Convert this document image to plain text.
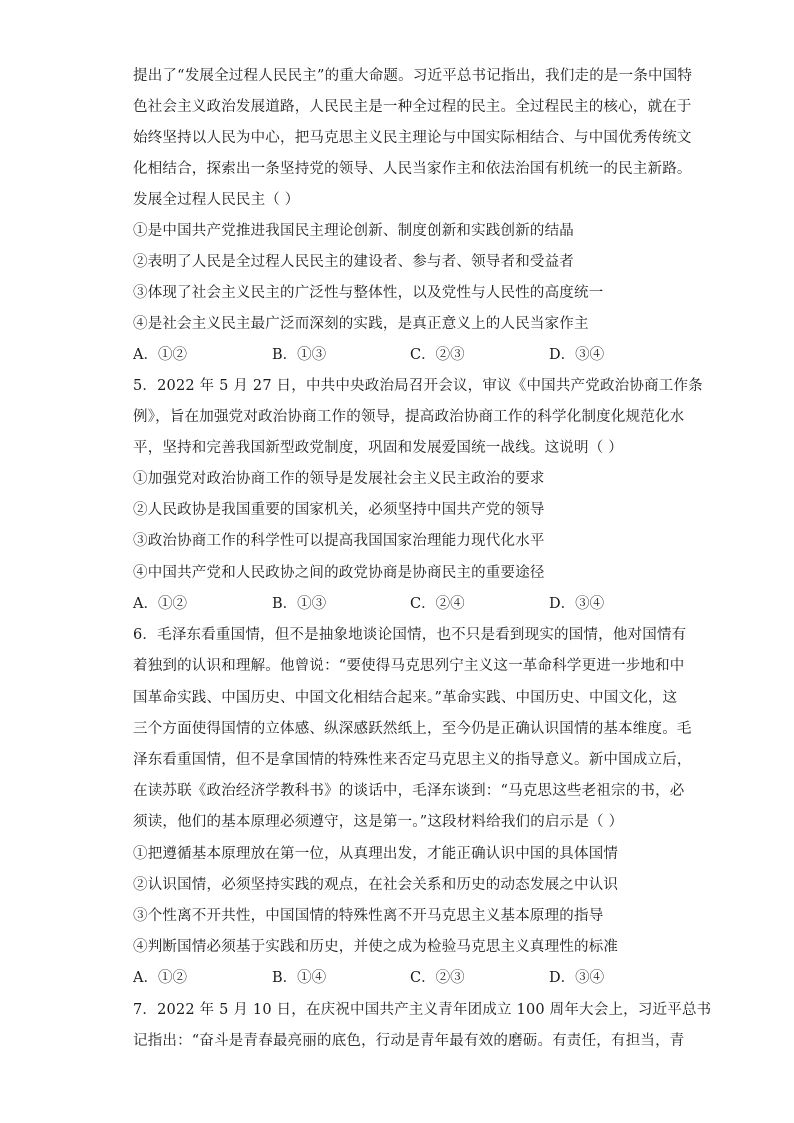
提出了“发展全过程人民民主”的重大命题。习近平总书记指出，我们走的是一条中国特
色社会主义政治发展道路，人民民主是一种全过程的民主。全过程民主的核心，就在于
始终坚持以人民为中心，把马克思主义民主理论与中国实际相结合、与中国优秀传统文
化相结合，探索出一条坚持党的领导、人民当家作主和依法治国有机统一的民主新路。
发展全过程人民民主（ ）
①是中国共产党推进我国民主理论创新、制度创新和实践创新的结晶
②表明了人民是全过程人民民主的建设者、参与者、领导者和受益者
③体现了社会主义民主的广泛性与整体性，以及党性与人民性的高度统一
④是社会主义民主最广泛而深刻的实践，是真正意义上的人民当家作主
A．①②	B．①③	C．②③	D．③④
5．2022 年 5 月 27 日，中共中央政治局召开会议，审议《中国共产党政治协商工作条
例》，旨在加强党对政治协商工作的领导，提高政治协商工作的科学化制度化规范化水
平，坚持和完善我国新型政党制度，巩固和发展爱国统一战线。这说明（ ）
①加强党对政治协商工作的领导是发展社会主义民主政治的要求
②人民政协是我国重要的国家机关，必须坚持中国共产党的领导
③政治协商工作的科学性可以提高我国国家治理能力现代化水平
④中国共产党和人民政协之间的政党协商是协商民主的重要途径
A．①②	B．①③	C．②④	D．③④
6．毛泽东看重国情，但不是抽象地谈论国情，也不只是看到现实的国情，他对国情有
着独到的认识和理解。他曾说：“要使得马克思列宁主义这一革命科学更进一步地和中
国革命实践、中国历史、中国文化相结合起来。”革命实践、中国历史、中国文化，这
三个方面使得国情的立体感、纵深感跃然纸上，至今仍是正确认识国情的基本维度。毛
泽东看重国情，但不是拿国情的特殊性来否定马克思主义的指导意义。新中国成立后，
在读苏联《政治经济学教科书》的谈话中，毛泽东谈到：“马克思这些老祖宗的书，必
须读，他们的基本原理必须遵守，这是第一。”这段材料给我们的启示是（ ）
①把遵循基本原理放在第一位，从真理出发，才能正确认识中国的具体国情
②认识国情，必须坚持实践的观点，在社会关系和历史的动态发展之中认识
③个性离不开共性，中国国情的特殊性离不开马克思主义基本原理的指导
④判断国情必须基于实践和历史，并使之成为检验马克思主义真理性的标准
A．①②	B．①④	C．②③	D．③④
7．2022 年 5 月 10 日，在庆祝中国共产主义青年团成立 100 周年大会上，习近平总书
记指出：“奋斗是青春最亮丽的底色，行动是青年最有效的磨砺。有责任，有担当，青
